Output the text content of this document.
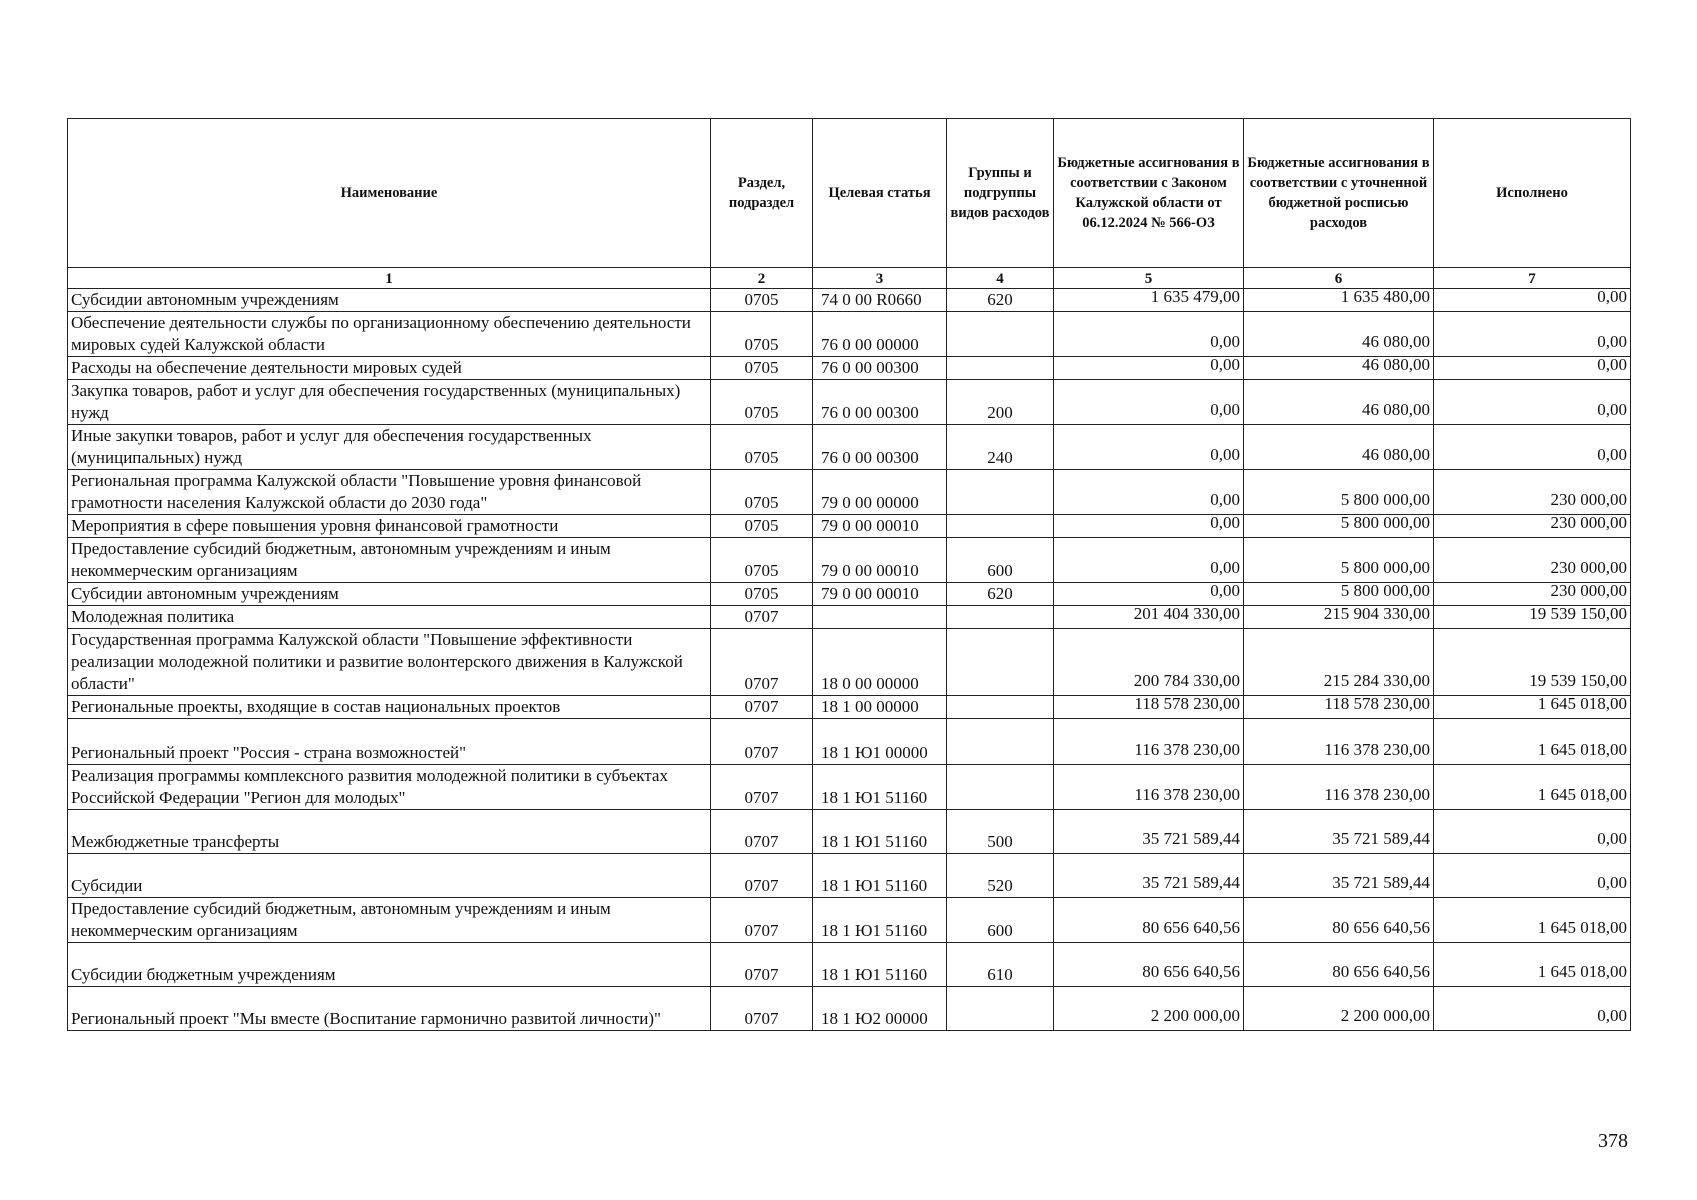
Наименование	Раздел, подраздел	Целевая статья	Группы и подгруппы видов расходов	Бюджетные ассигнования в соответствии с Законом Калужской области от 06.12.2024 № 566-ОЗ	Бюджетные ассигнования в соответствии с уточненной бюджетной росписью расходов	Исполнено
1	2	3	4	5	6	7
Субсидии автономным учреждениям	0705	74 0 00 R0660	620	1 635 479,00	1 635 480,00	0,00
Обеспечение деятельности службы по организационному обеспечению деятельности мировых судей Калужской области	0705	76 0 00 00000		0,00	46 080,00	0,00
Расходы на обеспечение деятельности мировых судей	0705	76 0 00 00300		0,00	46 080,00	0,00
Закупка товаров, работ и услуг для обеспечения государственных (муниципальных) нужд	0705	76 0 00 00300	200	0,00	46 080,00	0,00
Иные закупки товаров, работ и услуг для обеспечения государственных (муниципальных) нужд	0705	76 0 00 00300	240	0,00	46 080,00	0,00
Региональная программа Калужской области "Повышение уровня финансовой грамотности населения Калужской области до 2030 года"	0705	79 0 00 00000		0,00	5 800 000,00	230 000,00
Мероприятия в сфере повышения уровня финансовой грамотности	0705	79 0 00 00010		0,00	5 800 000,00	230 000,00
Предоставление субсидий бюджетным, автономным учреждениям и иным некоммерческим организациям	0705	79 0 00 00010	600	0,00	5 800 000,00	230 000,00
Субсидии автономным учреждениям	0705	79 0 00 00010	620	0,00	5 800 000,00	230 000,00
Молодежная политика	0707			201 404 330,00	215 904 330,00	19 539 150,00
Государственная программа Калужской области "Повышение эффективности реализации молодежной политики и развитие волонтерского движения в Калужской области"	0707	18 0 00 00000		200 784 330,00	215 284 330,00	19 539 150,00
Региональные проекты, входящие в состав национальных проектов	0707	18 1 00 00000		118 578 230,00	118 578 230,00	1 645 018,00
Региональный проект "Россия - страна возможностей"	0707	18 1 Ю1 00000		116 378 230,00	116 378 230,00	1 645 018,00
Реализация программы комплексного развития молодежной политики в субъектах Российской Федерации "Регион для молодых"	0707	18 1 Ю1 51160		116 378 230,00	116 378 230,00	1 645 018,00
Межбюджетные трансферты	0707	18 1 Ю1 51160	500	35 721 589,44	35 721 589,44	0,00
Субсидии	0707	18 1 Ю1 51160	520	35 721 589,44	35 721 589,44	0,00
Предоставление субсидий бюджетным, автономным учреждениям и иным некоммерческим организациям	0707	18 1 Ю1 51160	600	80 656 640,56	80 656 640,56	1 645 018,00
Субсидии бюджетным учреждениям	0707	18 1 Ю1 51160	610	80 656 640,56	80 656 640,56	1 645 018,00
Региональный проект "Мы вместе (Воспитание гармонично развитой личности)"	0707	18 1 Ю2 00000		2 200 000,00	2 200 000,00	0,00
378
